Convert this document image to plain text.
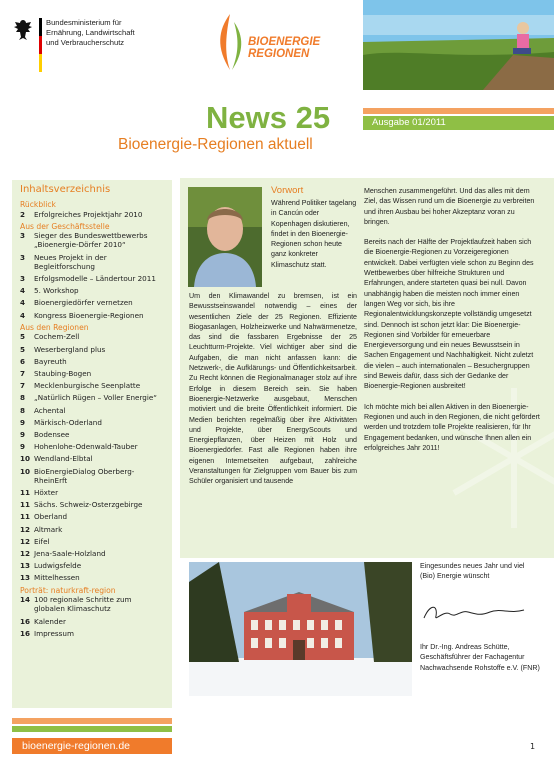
Bundesministerium für
Ernährung, Landwirtschaft
und Verbraucherschutz	BIOENERGIE
REGIONEN
Ausgabe 01/2011
News 25
Bioenergie-Regionen aktuell
Inhaltsverzeichnis
Rückblick
2	Erfolgreiches Projektjahr 2010
Aus der Geschäftsstelle
3	Sieger des Bundeswettbewerbs „Bioenergie-Dörfer 2010“
3	Neues Projekt in der Begleitforschung
3	Erfolgsmodelle – Ländertour 2011
4	5. Workshop
4	Bioenergiedörfer vernetzen
4	Kongress Bioenergie-Regionen
Aus den Regionen
5	Cochem-Zell
5	Weserbergland plus
6	Bayreuth
7	Staubing-Bogen
7	Mecklenburgische Seenplatte
8	„Natürlich Rügen – Voller Energie“
8	Achental
9	Märkisch-Oderland
9	Bodensee
9	Hohenlohe-Odenwald-Tauber
10 Wendland-Elbtal
10 BioEnergieDialog Oberberg-RheinErft
11 Höxter
11 Sächs. Schweiz-Osterzgebirge
11 Oberland
12 Altmark
12 Eifel
12 Jena-Saale-Holzland
13 Ludwigsfelde
13 Mittelhessen
Porträt: naturkraft-region
14 100 regionale Schritte zum globalen Klimaschutz
16 Kalender
16 Impressum
bioenergie-regionen.de	1
Vorwort
Während Politiker tagelang in Cancún oder Kopenhagen diskutieren, findet in den Bioenergie-Regionen schon heute ganz konkreter Klimaschutz statt.
Um den Klimawandel zu bremsen, ist ein Bewusstseinswandel notwendig – eines der wesentlichen Ziele der 25 Regionen. Effiziente Biogasanlagen, Holzheizwerke und Nahwärmenetze, das sind die fassbaren Ergebnisse der 25 Leuchtturm-Projekte. Viel wichtiger aber sind die Aufgaben, die man nicht anfassen kann: die Netzwerk-, die Aufklärungs- und Öffentlichkeitsarbeit. Zu Recht können die Regionalmanager stolz auf ihre Erfolge in diesem Bereich sein. Sie haben Bioenergie-Netzwerke ausgebaut, Menschen motiviert und die breite Öffentlichkeit informiert. Die Medien berichten regelmäßig über ihre Aktivitäten und Projekte, über EnergyScouts und Energiepflanzen, über Heizen mit Holz und Bioenergiedörfer. Fast alle Regionen haben ihre eigenen Internetseiten aufgebaut, zahlreiche Veranstaltungen für Zielgruppen vom Bauer bis zum Schüler organisiert und tausende

Menschen zusammengeführt. Und das alles mit dem Ziel, das Wissen rund um die Bioenergie zu verbreiten und ihren Ausbau bei hoher Akzeptanz voran zu bringen.

Bereits nach der Hälfte der Projektlaufzeit haben sich die Bioenergie-Regionen zu Vorzeigeregionen entwickelt. Dabei verfügten viele schon zu Beginn des Wettbewerbes über hilfreiche Strukturen und Erfahrungen, andere starteten quasi bei null. Davon unabhängig haben die meisten noch immer einen langen Weg vor sich, bis ihre Regionalentwicklungskonzepte vollständig umgesetzt sind. Dennoch ist schon jetzt klar: Die Bioenergie-Regionen sind Vorbilder für erneuerbare Energieversorgung und ein neues Bewusstsein in Sachen Engagement und Nachhaltigkeit. Nicht zuletzt die vielen – auch internationalen – Besuchergruppen sind Beweis dafür, dass sich der Gedanke der Bioenergie-Regionen ausbreitet!

Ich möchte mich bei allen Aktiven in den Bioenergie-Regionen und auch in den Regionen, die nicht gefördert werden und trotzdem tolle Projekte realisieren, für Ihr Engagement bedanken, und wünsche Ihnen allen ein erfolgreiches Jahr 2011!

Eingesundes neues Jahr und viel (Bio) Energie wünscht
Ihr Dr.-Ing. Andreas Schütte, Geschäftsführer der Fachagentur Nachwachsende Rohstoffe e.V. (FNR)
